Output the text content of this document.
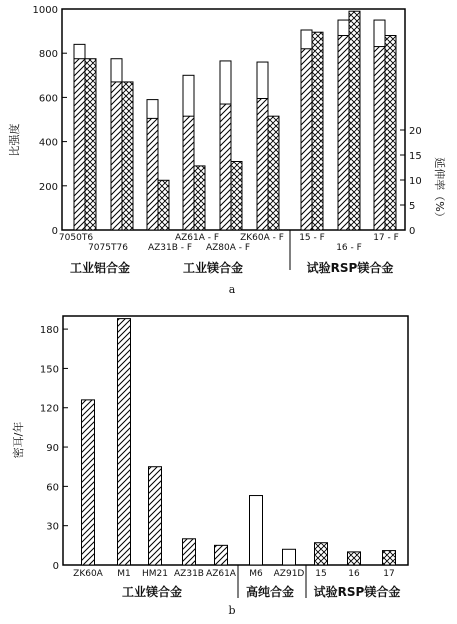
比强度
延伸率（%）
0
200
400
600
800
1000
0
5
10
15
20
7050T6
7075T76 AZ31B - F
AZ61A - F
AZ80A - F
ZK60A - F 15 - F
16 - F
17 - F
工业铝合金	工业镁合金	试验RSP镁合金
a
密耳/年
0
30
60
90
120
150
180
ZK60A M1 HM21 AZ31B AZ61A M6 AZ91D 15 16	17
工业镁合金	高纯合金 试验RSP镁合金
b
